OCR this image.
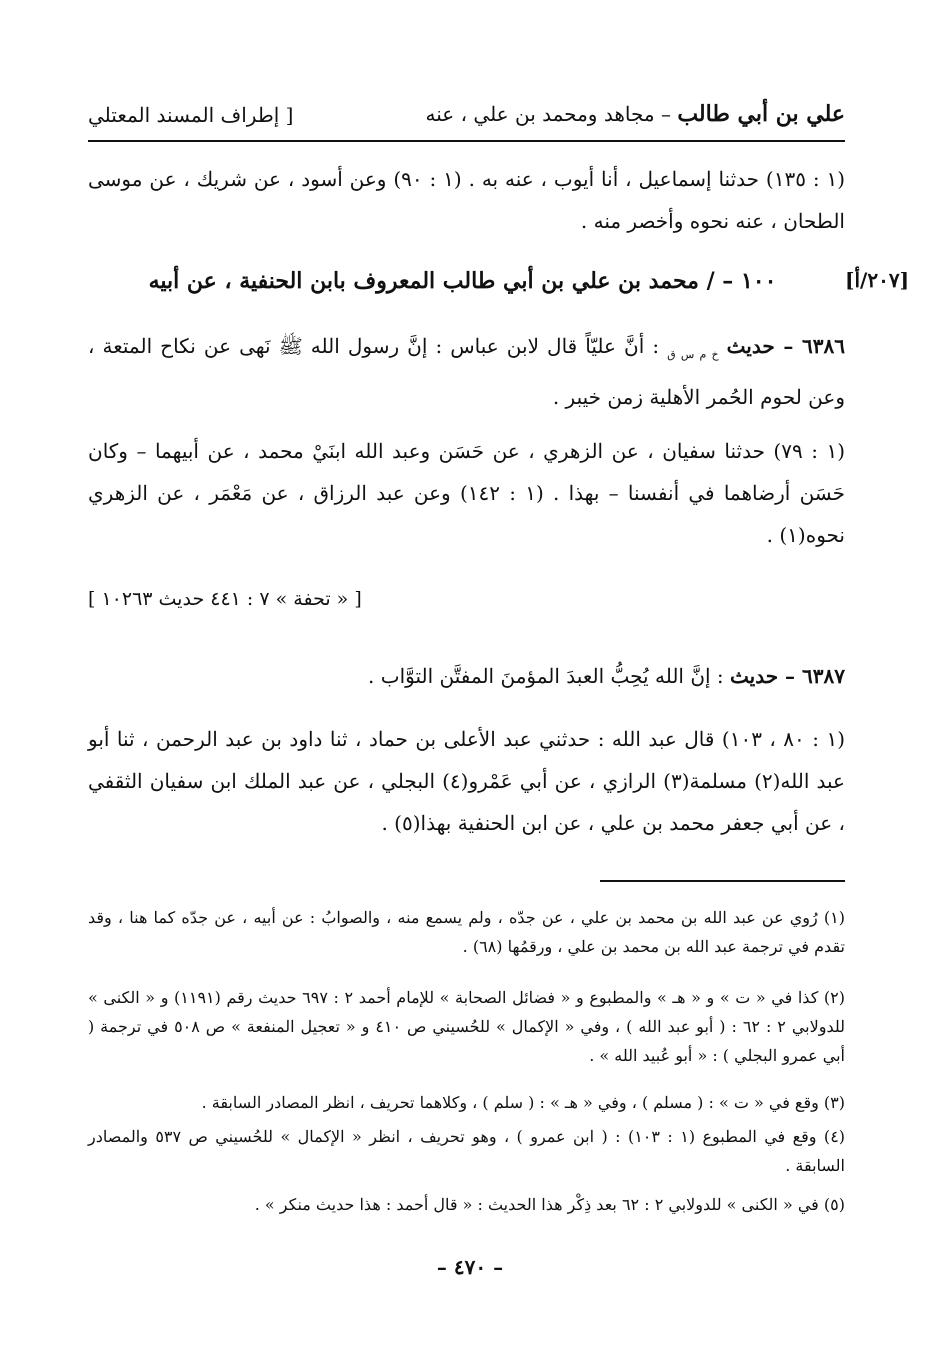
علي بن أبي طالب – مجاهد ومحمد بن علي ، عنه
[ إطراف المسند المعتلي
(١ : ١٣٥) حدثنا إسماعيل ، أنا أيوب ، عنه به . (١ : ٩٠) وعن أسود ، عن شريك ، عن موسى الطحان ، عنه نحوه وأخصر منه .
[٢٠٧/أ]
١٠٠ – / محمد بن علي بن أبي طالب المعروف بابن الحنفية ، عن أبيه
٦٣٨٦ – حديث $_{خ م س ق}$ : أنَّ عليّاً قال لابن عباس : إنَّ رسول الله ﷺ نَهى عن نكاح المتعة ، وعن لحوم الحُمر الأهلية زمن خيبر .
(١ : ٧٩) حدثنا سفيان ، عن الزهري ، عن حَسَن وعبد الله ابنَيْ محمد ، عن أبيهما – وكان حَسَن أرضاهما في أنفسنا – بهذا . (١ : ١٤٢) وعن عبد الرزاق ، عن مَعْمَر ، عن الزهري نحوه(١) .
[ « تحفة » ٧ : ٤٤١ حديث ١٠٢٦٣ ]
٦٣٨٧ – حديث : إنَّ الله يُحِبُّ العبدَ المؤمنَ المفتَّن التوَّاب .
(١ : ٨٠ ، ١٠٣) قال عبد الله : حدثني عبد الأعلى بن حماد ، ثنا داود بن عبد الرحمن ، ثنا أبو عبد الله(٢) مسلمة(٣) الرازي ، عن أبي عَمْرو(٤) البجلي ، عن عبد الملك ابن سفيان الثقفي ، عن أبي جعفر محمد بن علي ، عن ابن الحنفية بهذا(٥) .
(١) رُوي عن عبد الله بن محمد بن علي ، عن جدّه ، ولم يسمع منه ، والصوابُ : عن أبيه ، عن جدّه كما هنا ، وقد تقدم في ترجمة عبد الله بن محمد بن علي ، ورقمُها (٦٨) .
(٢) كذا في « ت » و « هـ » والمطبوع و « فضائل الصحابة » للإمام أحمد ٢ : ٦٩٧ حديث رقم (١١٩١) و « الكنى » للدولابي ٢ : ٦٢ : ( أبو عبد الله ) ، وفي « الإكمال » للحُسيني ص ٤١٠ و « تعجيل المنفعة » ص ٥٠٨ في ترجمة ( أبي عمرو البجلي ) : « أبو عُبيد الله » .
(٣) وقع في « ت » : ( مسلم ) ، وفي « هـ » : ( سلم ) ، وكلاهما تحريف ، انظر المصادر السابقة .
(٤) وقع في المطبوع (١ : ١٠٣) : ( ابن عمرو ) ، وهو تحريف ، انظر « الإكمال » للحُسيني ص ٥٣٧ والمصادر السابقة .
(٥) في « الكنى » للدولابي ٢ : ٦٢ بعد ذِكْر هذا الحديث : « قال أحمد : هذا حديث منكر » .
– ٤٧٠ –
